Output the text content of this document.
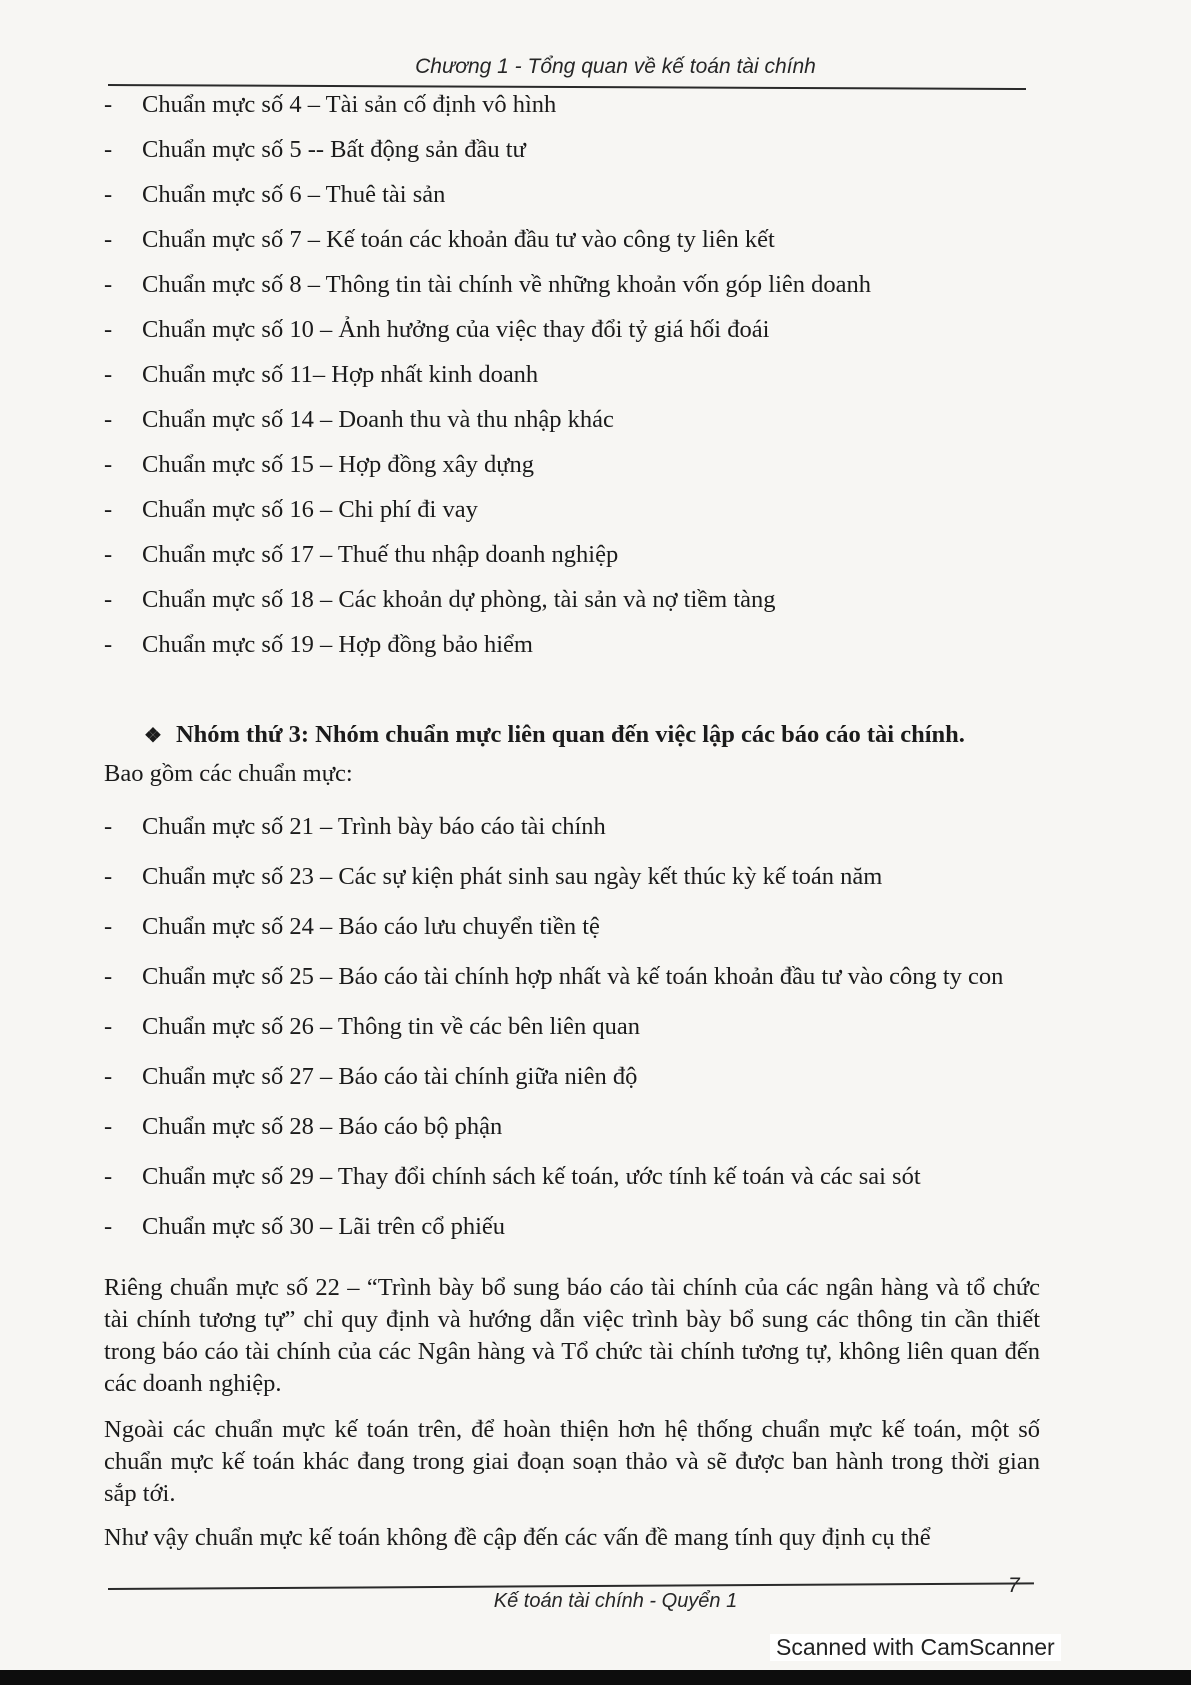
Chương 1 - Tổng quan về kế toán tài chính
- Chuẩn mực số 4 – Tài sản cố định vô hình
- Chuẩn mực số 5 -- Bất động sản đầu tư
- Chuẩn mực số 6 – Thuê tài sản
- Chuẩn mực số 7 – Kế toán các khoản đầu tư vào công ty liên kết
- Chuẩn mực số 8 – Thông tin tài chính về những khoản vốn góp liên doanh
- Chuẩn mực số 10 – Ảnh hưởng của việc thay đổi tỷ giá hối đoái
- Chuẩn mực số 11– Hợp nhất kinh doanh
- Chuẩn mực số 14 – Doanh thu và thu nhập khác
- Chuẩn mực số 15 – Hợp đồng xây dựng
- Chuẩn mực số 16 – Chi phí đi vay
- Chuẩn mực số 17 – Thuế thu nhập doanh nghiệp
- Chuẩn mực số 18 – Các khoản dự phòng, tài sản và nợ tiềm tàng
- Chuẩn mực số 19 – Hợp đồng bảo hiểm
❖ Nhóm thứ 3: Nhóm chuẩn mực liên quan đến việc lập các báo cáo tài chính.
Bao gồm các chuẩn mực:
- Chuẩn mực số 21 – Trình bày báo cáo tài chính
- Chuẩn mực số 23 – Các sự kiện phát sinh sau ngày kết thúc kỳ kế toán năm
- Chuẩn mực số 24 – Báo cáo lưu chuyển tiền tệ
- Chuẩn mực số 25 – Báo cáo tài chính hợp nhất và kế toán khoản đầu tư vào công ty con
- Chuẩn mực số 26 – Thông tin về các bên liên quan
- Chuẩn mực số 27 – Báo cáo tài chính giữa niên độ
- Chuẩn mực số 28 – Báo cáo bộ phận
- Chuẩn mực số 29 – Thay đổi chính sách kế toán, ước tính kế toán và các sai sót
- Chuẩn mực số 30 – Lãi trên cổ phiếu

Riêng chuẩn mực số 22 – “Trình bày bổ sung báo cáo tài chính của các ngân hàng và tổ chức tài chính tương tự” chỉ quy định và hướng dẫn việc trình bày bổ sung các thông tin cần thiết trong báo cáo tài chính của các Ngân hàng và Tổ chức tài chính tương tự, không liên quan đến các doanh nghiệp.

Ngoài các chuẩn mực kế toán trên, để hoàn thiện hơn hệ thống chuẩn mực kế toán, một số chuẩn mực kế toán khác đang trong giai đoạn soạn thảo và sẽ được ban hành trong thời gian sắp tới.

Như vậy chuẩn mực kế toán không đề cập đến các vấn đề mang tính quy định cụ thể

7
Kế toán tài chính - Quyển 1
Scanned with CamScanner
